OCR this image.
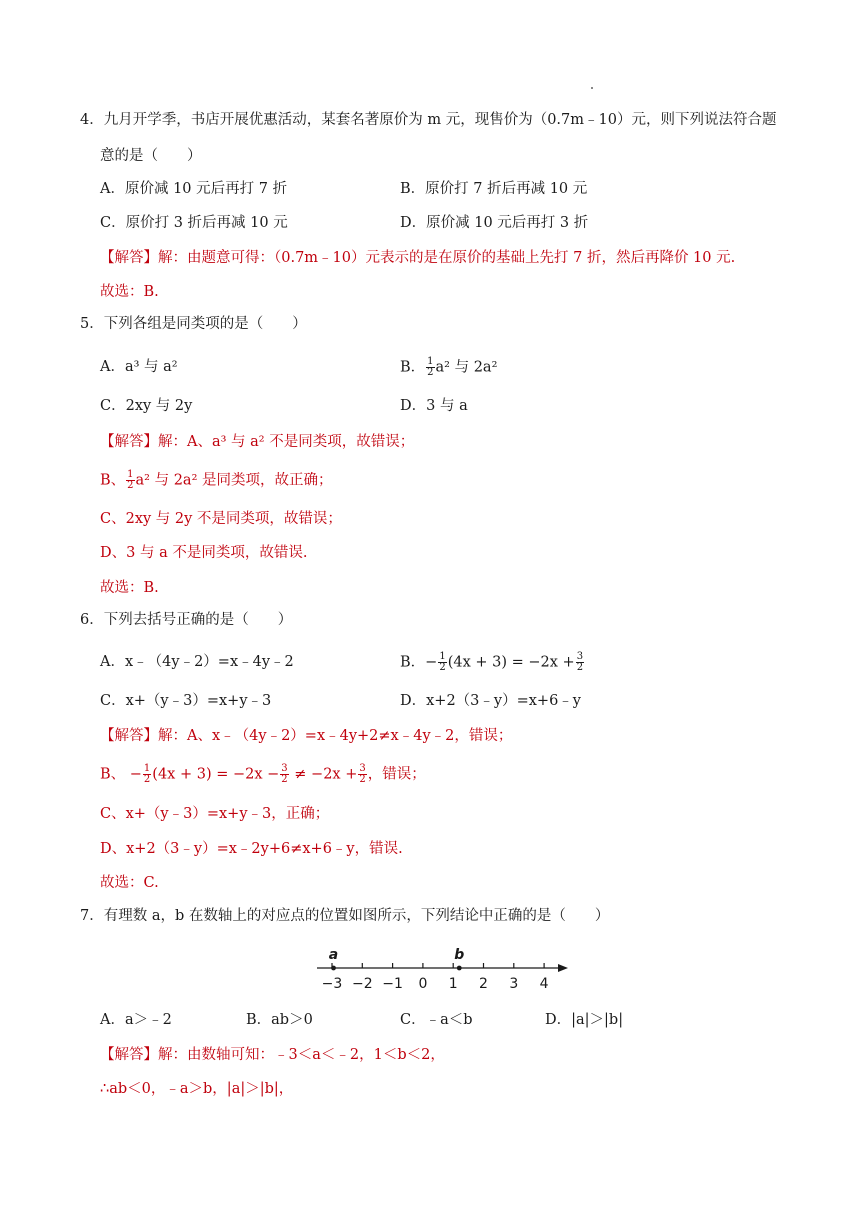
4．九月开学季，书店开展优惠活动，某套名著原价为 m 元，现售价为（0.7m﹣10）元，则下列说法符合题
意的是（　　）
A．原价减 10 元后再打 7 折	B．原价打 7 折后再减 10 元
C．原价打 3 折后再减 10 元	D．原价减 10 元后再打 3 折
【解答】解：由题意可得：（0.7m﹣10）元表示的是在原价的基础上先打 7 折，然后再降价 10 元.
故选：B.
5．下列各组是同类项的是（　　）
A．a³ 与 a²	B． $\frac{1}{2} a^2$ 与 2a²
C．2xy 与 2y	D．3 与 a
【解答】解：A、a³ 与 a² 不是同类项，故错误；
B、 $\frac{1}{2} a^2$ 与 2a² 是同类项，故正确；
C、2xy 与 2y 不是同类项，故错误；
D、3 与 a 不是同类项，故错误.
故选：B.
6．下列去括号正确的是（　　）
A．x﹣（4y﹣2）=x﹣4y﹣2	B．− $\frac{1}{2} (4x + 3) = -2x + \frac{3}{2}$
C．x+（y﹣3）=x+y﹣3	D．x+2（3﹣y）=x+6﹣y
【解答】解：A、x﹣（4y﹣2）=x﹣4y+2≠x﹣4y﹣2，错误；
B、 − $\frac{1}{2} (4x + 3) = -2x - \frac{3}{2} \ne -2x + \frac{3}{2}$ ，错误；
C、x+（y﹣3）=x+y﹣3，正确；
D、x+2（3﹣y）=x﹣2y+6≠x+6﹣y，错误.
故选：C.
7．有理数 a，b 在数轴上的对应点的位置如图所示，下列结论中正确的是（　　）
−3 −2 −1 0 1 2 3 4
a	b
A．a＞﹣2	B．ab＞0	C．﹣a＜b	D．|a|＞|b|
【解答】解：由数轴可知：﹣3＜a＜﹣2，1＜b＜2，
∴ab＜0，﹣a＞b，|a|＞|b|，
